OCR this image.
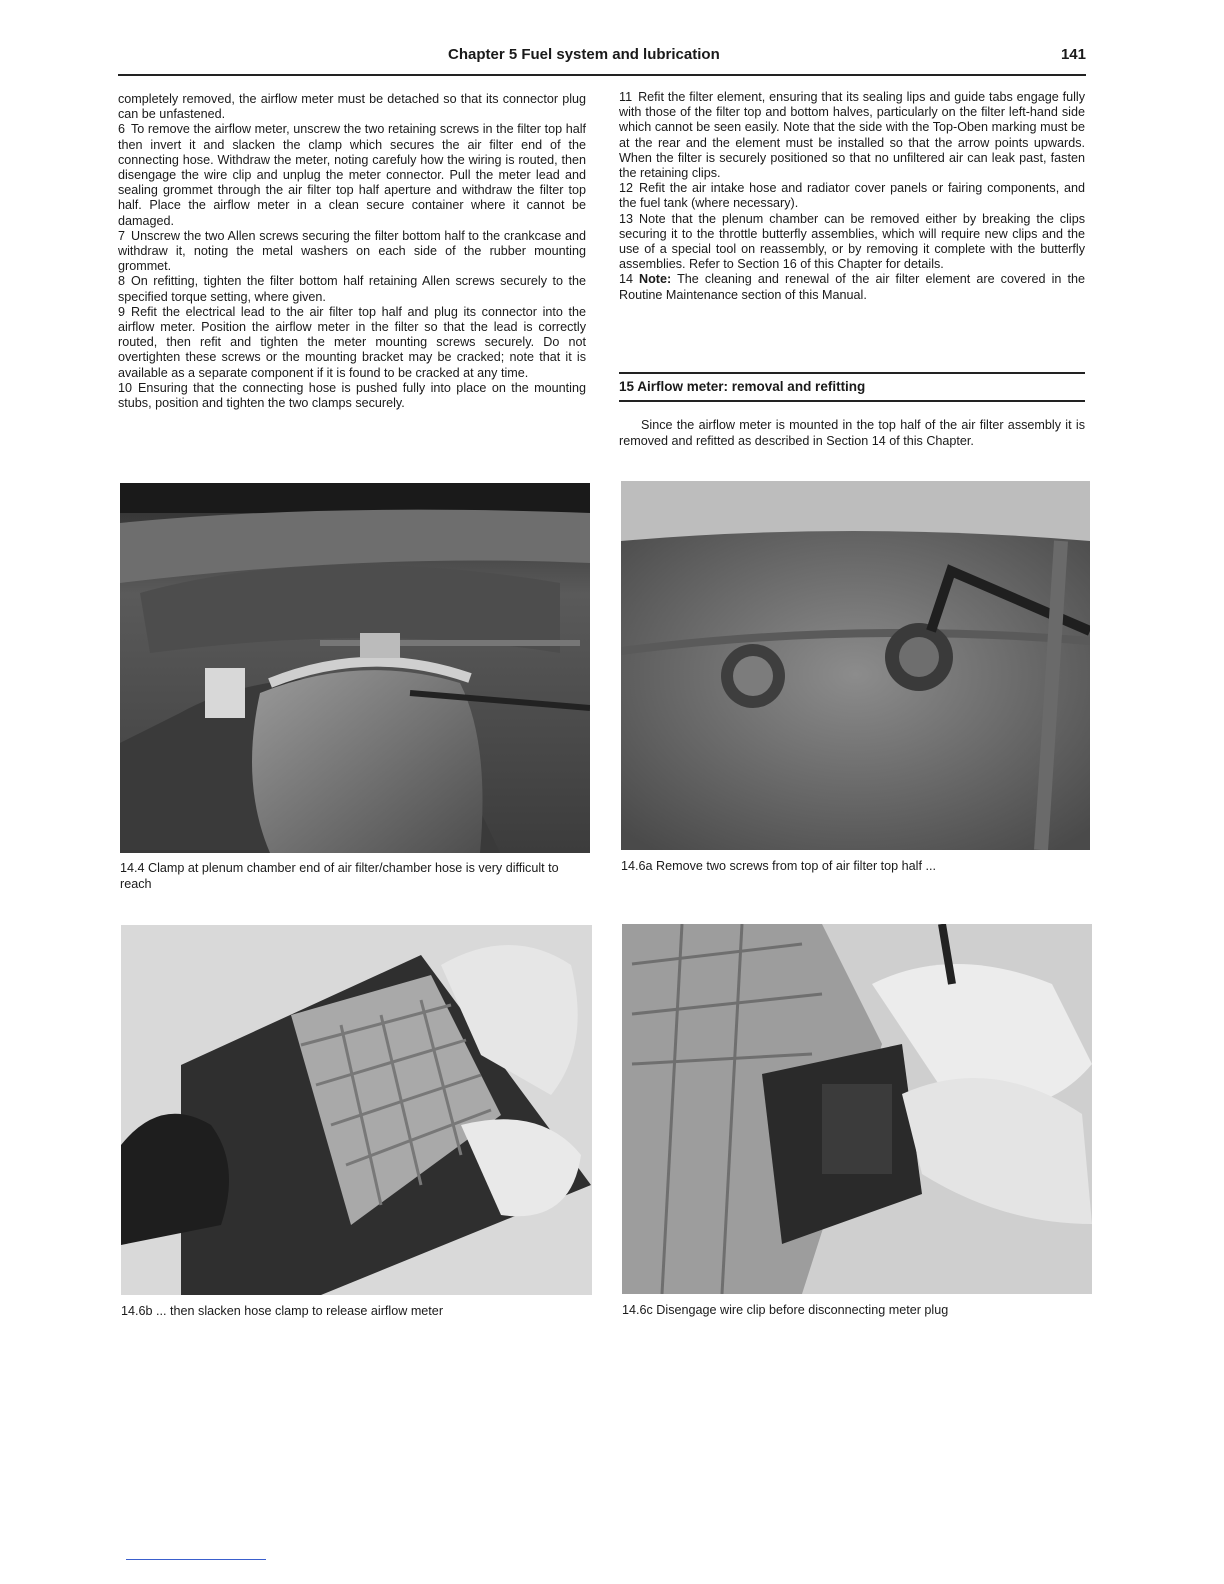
Chapter 5 Fuel system and lubrication	141

completely removed, the airflow meter must be detached so that its connector plug can be unfastened.

6 To remove the airflow meter, unscrew the two retaining screws in the filter top half then invert it and slacken the clamp which secures the air filter end of the connecting hose. Withdraw the meter, noting carefuly how the wiring is routed, then disengage the wire clip and unplug the meter connector. Pull the meter lead and sealing grommet through the air filter top half aperture and withdraw the filter top half. Place the airflow meter in a clean secure container where it cannot be damaged.

7 Unscrew the two Allen screws securing the filter bottom half to the crankcase and withdraw it, noting the metal washers on each side of the rubber mounting grommet.

8 On refitting, tighten the filter bottom half retaining Allen screws securely to the specified torque setting, where given.

9 Refit the electrical lead to the air filter top half and plug its connector into the airflow meter. Position the airflow meter in the filter so that the lead is correctly routed, then refit and tighten the meter mounting screws securely. Do not overtighten these screws or the mounting bracket may be cracked; note that it is available as a separate component if it is found to be cracked at any time.

10 Ensuring that the connecting hose is pushed fully into place on the mounting stubs, position and tighten the two clamps securely.

11 Refit the filter element, ensuring that its sealing lips and guide tabs engage fully with those of the filter top and bottom halves, particularly on the filter left-hand side which cannot be seen easily. Note that the side with the Top-Oben marking must be at the rear and the element must be installed so that the arrow points upwards. When the filter is securely positioned so that no unfiltered air can leak past, fasten the retaining clips.

12 Refit the air intake hose and radiator cover panels or fairing components, and the fuel tank (where necessary).

13 Note that the plenum chamber can be removed either by breaking the clips securing it to the throttle butterfly assemblies, which will require new clips and the use of a special tool on reassembly, or by removing it complete with the butterfly assemblies. Refer to Section 16 of this Chapter for details.

14 Note: The cleaning and renewal of the air filter element are covered in the Routine Maintenance section of this Manual.

15 Airflow meter: removal and refitting

Since the airflow meter is mounted in the top half of the air filter assembly it is removed and refitted as described in Section 14 of this Chapter.

14.4 Clamp at plenum chamber end of air filter/chamber hose is very difficult to reach

14.6a Remove two screws from top of air filter top half ...

14.6b ... then slacken hose clamp to release airflow meter	14.6c Disengage wire clip before disconnecting meter plug
